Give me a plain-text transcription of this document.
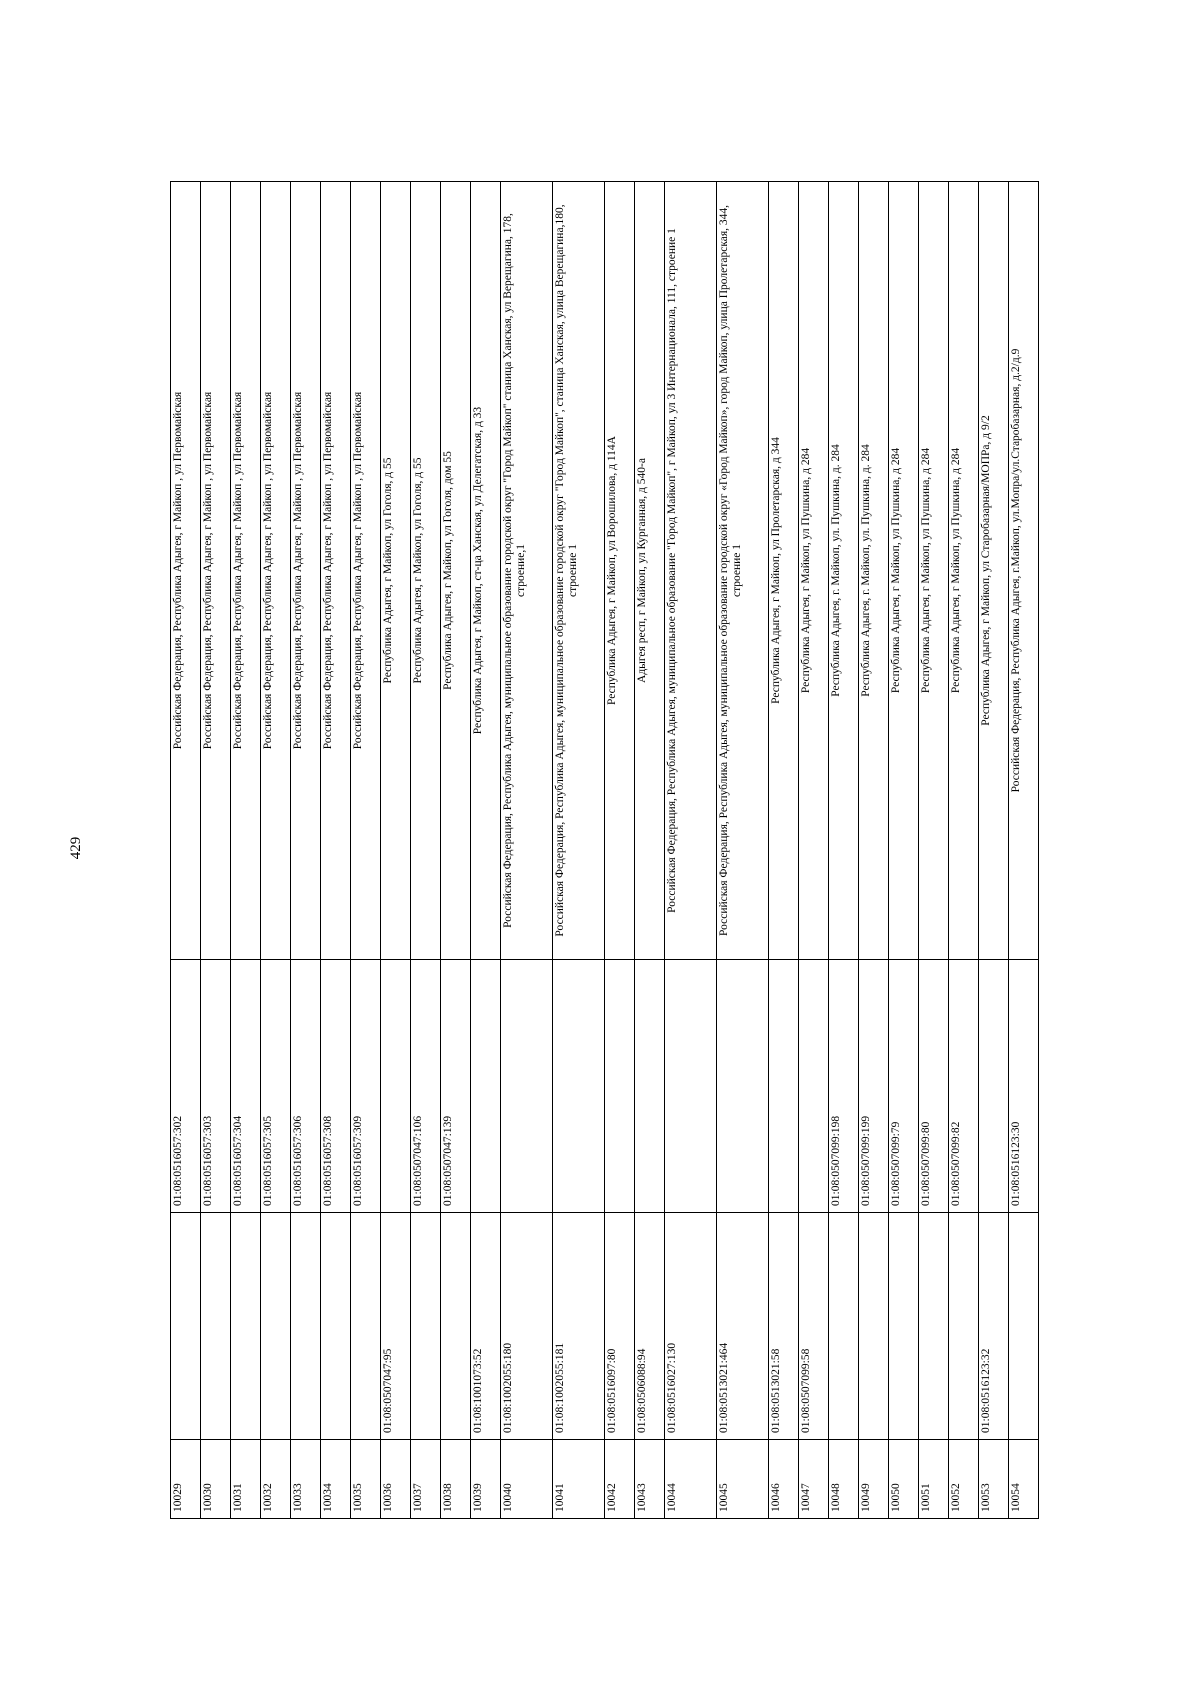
429
10029		01:08:0516057:302	Российская Федерация, Республика Адыгея, г Майкоп , ул Первомайская
10030		01:08:0516057:303	Российская Федерация, Республика Адыгея, г Майкоп , ул Первомайская
10031		01:08:0516057:304	Российская Федерация, Республика Адыгея, г Майкоп , ул Первомайская
10032		01:08:0516057:305	Российская Федерация, Республика Адыгея, г Майкоп , ул Первомайская
10033		01:08:0516057:306	Российская Федерация, Республика Адыгея, г Майкоп , ул Первомайская
10034		01:08:0516057:308	Российская Федерация, Республика Адыгея, г Майкоп , ул Первомайская
10035		01:08:0516057:309	Российская Федерация, Республика Адыгея, г Майкоп , ул Первомайская
10036	01:08:0507047:95		Республика Адыгея, г Майкоп, ул Гоголя, д 55
10037		01:08:0507047:106	Республика Адыгея, г Майкоп, ул Гоголя, д 55
10038		01:08:0507047:139	Республика Адыгея, г Майкоп, ул Гоголя, дом 55
10039	01:08:1001073:52		Республика Адыгея, г Майкоп, ст-ца Ханская, ул Делегатская, д 33
10040	01:08:1002055:180		Российская Федерация, Республика Адыгея, муниципальное образование городской округ "Город Майкоп" станица Ханская, ул Верещагина, 178, строение,1
10041	01:08:1002055:181		Российская Федерация, Республика Адыгея, муниципальное образование городской округ "Город Майкоп", станица Ханская, улица Верещагина,180, строение 1
10042	01:08:0516097:80		Республика Адыгея, г Майкоп, ул Ворошилова, д 114А
10043	01:08:0506088:94		Адыгея респ, г Майкоп, ул Курганная, д 540-а
10044	01:08:0516027:130		Российская Федерация, Республика Адыгея, муниципальное образование "Город Майкоп", г Майкоп, ул 3 Интернационала, 111, строение 1
10045	01:08:0513021:464		Российская Федерация, Республика Адыгея, муниципальное образование городской округ «Город Майкоп», город Майкоп, улица Пролетарская, 344, строение 1
10046	01:08:0513021:58		Республика Адыгея, г Майкоп, ул Пролетарская, д 344
10047	01:08:0507099:58		Республика Адыгея, г Майкоп, ул Пушкина, д 284
10048		01:08:0507099:198	Республика Адыгея, г. Майкоп, ул. Пушкина, д. 284
10049		01:08:0507099:199	Республика Адыгея, г. Майкоп, ул. Пушкина, д. 284
10050		01:08:0507099:79	Республика Адыгея, г Майкоп, ул Пушкина, д 284
10051		01:08:0507099:80	Республика Адыгея, г Майкоп, ул Пушкина, д 284
10052		01:08:0507099:82	Республика Адыгея, г Майкоп, ул Пушкина, д 284
10053	01:08:0516123:32		Республика Адыгея, г Майкоп, ул Старобазарная/МОПРа, д 9/2
10054		01:08:0516123:30	Российская Федерация, Республика Адыгея, г.Майкоп, ул.Мопра/ул.Старобазарная, д.2/д.9
